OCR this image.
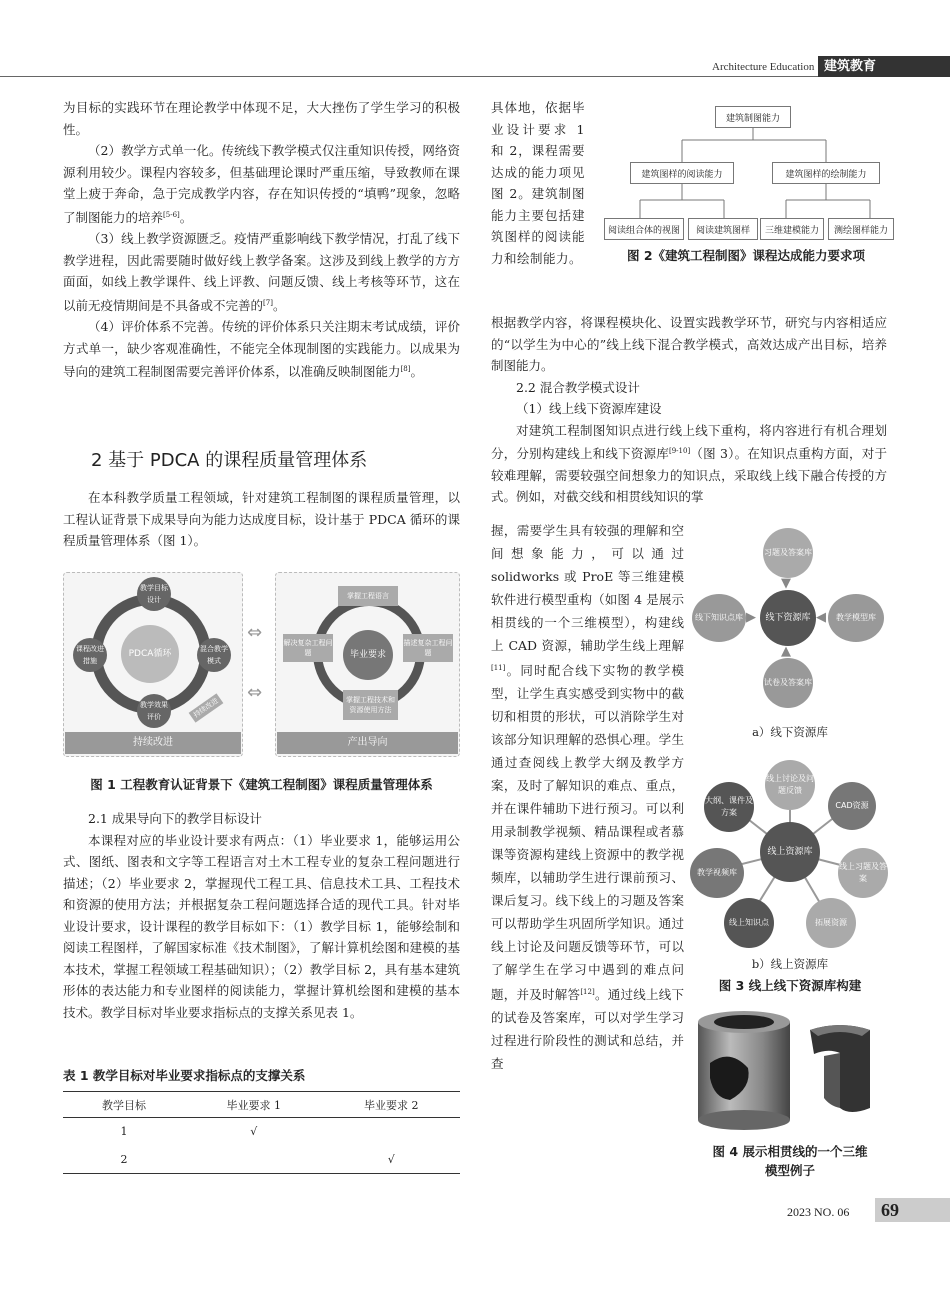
Architecture Education 建筑教育

为目标的实践环节在理论教学中体现不足，大大挫伤了学生学习的积极性。

（2）教学方式单一化。传统线下教学模式仅注重知识传授，网络资源利用较少。课程内容较多，但基础理论课时严重压缩，导致教师在课堂上疲于奔命，急于完成教学内容，存在知识传授的“填鸭”现象，忽略了制图能力的培养[5-6]。

（3）线上教学资源匮乏。疫情严重影响线下教学情况，打乱了线下教学进程，因此需要随时做好线上教学备案。这涉及到线上教学的方方面面，如线上教学课件、线上评教、问题反馈、线上考核等环节，这在以前无疫情期间是不具备或不完善的[7]。

（4）评价体系不完善。传统的评价体系只关注期末考试成绩，评价方式单一，缺少客观准确性，不能完全体现制图的实践能力。以成果为导向的建筑工程制图需要完善评价体系，以准确反映制图能力[8]。

2 基于 PDCA 的课程质量管理体系

在本科教学质量工程领域，针对建筑工程制图的课程质量管理，以工程认证背景下成果导向为能力达成度目标，设计基于 PDCA 循环的课程质量管理体系（图 1）。

PDCA循环
教学目标设计
混合教学模式
教学效果评价
课程改进措施
持续改进
持续改进
⇔
⇔
毕业要求
掌握工程语言
描述复杂工程问题
掌握工程技术和资源使用方法
解决复杂工程问题
产出导向
图 1 工程教育认证背景下《建筑工程制图》课程质量管理体系

2.1 成果导向下的教学目标设计

本课程对应的毕业设计要求有两点：（1）毕业要求 1，能够运用公式、图纸、图表和文字等工程语言对土木工程专业的复杂工程问题进行描述；（2）毕业要求 2，掌握现代工程工具、信息技术工具、工程技术和资源的使用方法；并根据复杂工程问题选择合适的现代工具。针对毕业设计要求，设计课程的教学目标如下：（1）教学目标 1，能够绘制和阅读工程图样，了解国家标准《技术制图》，了解计算机绘图和建模的基本技术，掌握工程领域工程基础知识）；（2）教学目标 2，具有基本建筑形体的表达能力和专业图样的阅读能力，掌握计算机绘图和建模的基本技术。教学目标对毕业要求指标点的支撑关系见表 1。

表 1 教学目标对毕业要求指标点的支撑关系
教学目标	毕业要求 1	毕业要求 2
1	√	
2		√

具体地，依据毕业设计要求 1 和 2，课程需要达成的能力项见图 2。建筑制图能力主要包括建筑图样的阅读能力和绘制能力。

建筑制图能力
建筑图样的阅读能力	建筑图样的绘制能力
阅读组合体的视图	阅读建筑图样	三维建模能力	测绘图样能力
图 2《建筑工程制图》课程达成能力要求项

根据教学内容，将课程模块化、设置实践教学环节，研究与内容相适应的“以学生为中心的”线上线下混合教学模式，高效达成产出目标，培养制图能力。

2.2 混合教学模式设计

（1）线上线下资源库建设

对建筑工程制图知识点进行线上线下重构，将内容进行有机合理划分，分别构建线上和线下资源库[9-10]（图 3）。在知识点重构方面，对于较难理解，需要较强空间想象力的知识点，采取线上线下融合传授的方式。例如，对截交线和相贯线知识的掌

握，需要学生具有较强的理解和空间想象能力，可以通过 solidworks 或 ProE 等三维建模软件进行模型重构（如图 4 是展示相贯线的一个三维模型），构建线上 CAD 资源，辅助学生线上理解[11]。同时配合线下实物的教学模型，让学生真实感受到实物中的截切和相贯的形状，可以消除学生对该部分知识理解的恐惧心理。学生通过查阅线上教学大纲及教学方案，及时了解知识的难点、重点，并在课件辅助下进行预习。可以利用录制教学视频、精品课程或者慕课等资源构建线上资源中的教学视频库，以辅助学生进行课前预习、课后复习。线下线上的习题及答案可以帮助学生巩固所学知识。通过线上讨论及问题反馈等环节，可以了解学生在学习中遇到的难点问题，并及时解答[12]。通过线上线下的试卷及答案库，可以对学生学习过程进行阶段性的测试和总结，并查

线下资源库
习题及答案库
教学模型库
试卷及答案库
线下知识点库
▼
▲
◀
▶
a）线下资源库
线上资源库
线上讨论及问题反馈
CAD资源
线上习题及答案
拓展资源
线上知识点
教学视频库
大纲、课件及方案
b）线上资源库
图 3 线上线下资源库构建
图 4 展示相贯线的一个三维
模型例子
2023 NO. 06	69
